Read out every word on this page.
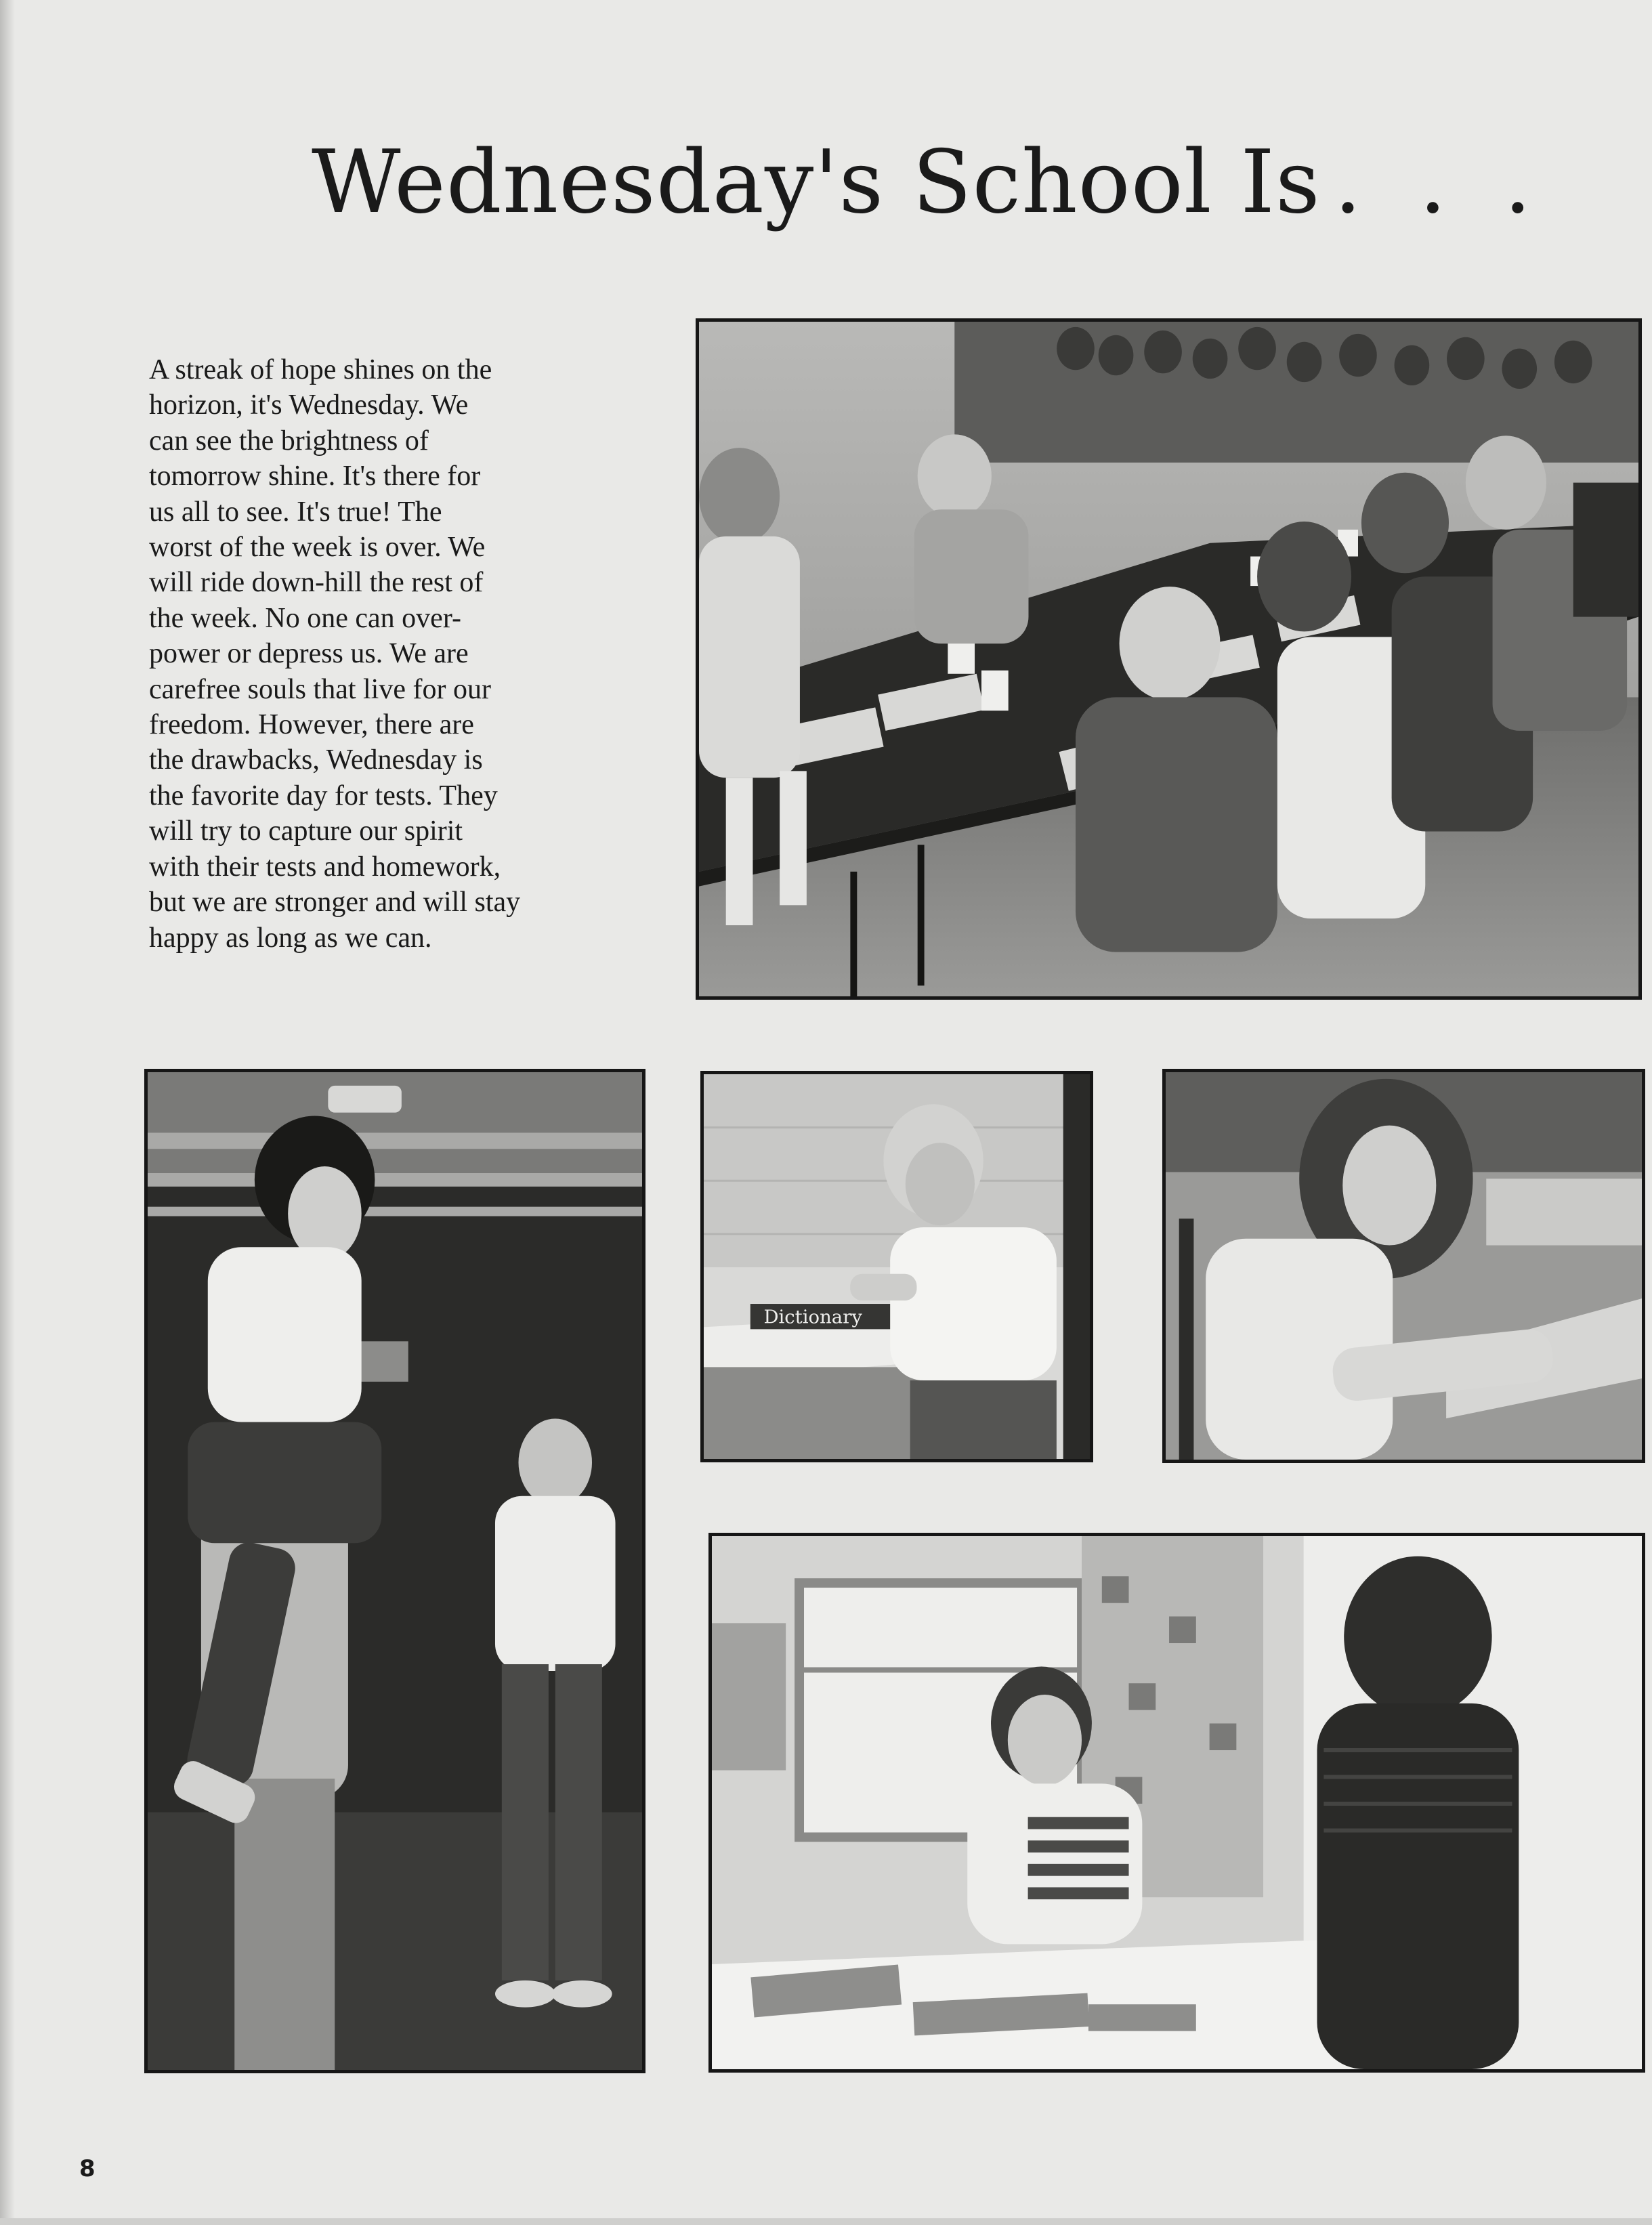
Wednesday's School Is . . .

A streak of hope shines on the
horizon, it's Wednesday. We
can see the brightness of
tomorrow shine. It's there for
us all to see. It's true! The
worst of the week is over. We
will ride down-hill the rest of
the week. No one can over-
power or depress us. We are
carefree souls that live for our
freedom. However, there are
the drawbacks, Wednesday is
the favorite day for tests. They
will try to capture our spirit
with their tests and homework,
but we are stronger and will stay
happy as long as we can.

Dictionary
8
